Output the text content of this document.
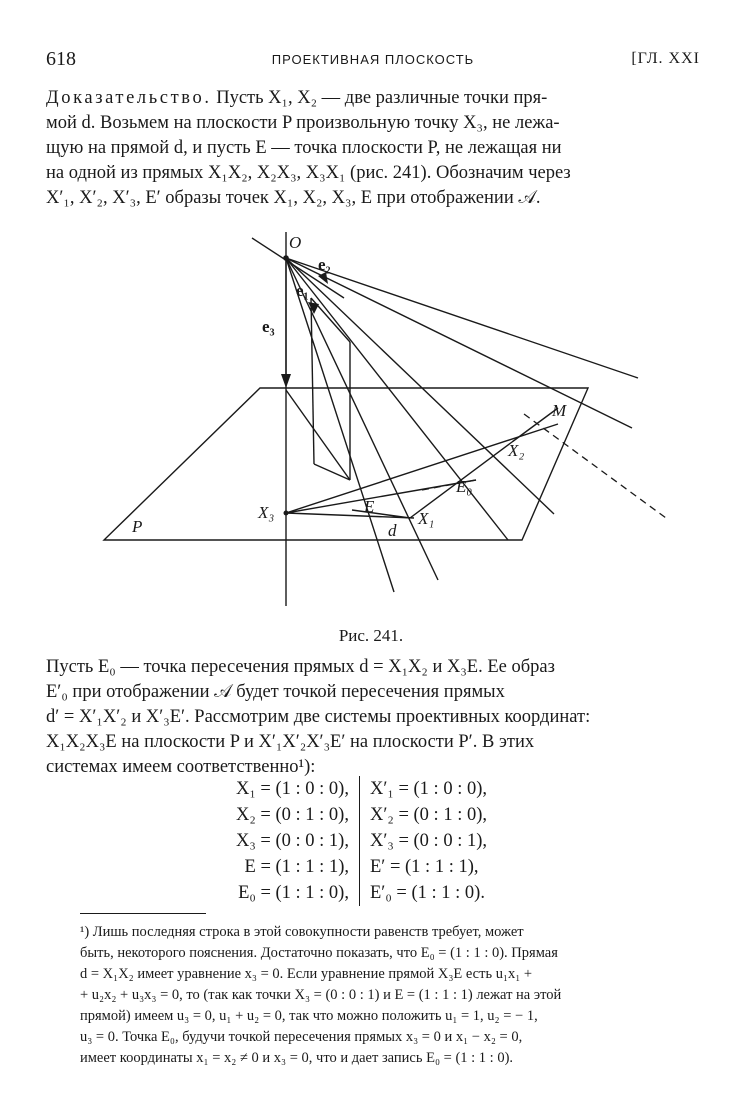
618	ПРОЕКТИВНАЯ ПЛОСКОСТЬ	[ГЛ. XXI

Доказательство. Пусть X₁, X₂ — две различные точки пря-
мой d. Возьмем на плоскости P произвольную точку X₃, не лежа-
щую на прямой d, и пусть E — точка плоскости P, не лежащая ни
на одной из прямых X₁X₂, X₂X₃, X₃X₁ (рис. 241). Обозначим через
X′₁, X′₂, X′₃, E′ образы точек X₁, X₂, X₃, E при отображении 𝒜.

O
e₂
e₁
e₃
M
X₂
E₀
E
X₁
X₃
d
P
Рис. 241.

Пусть E₀ — точка пересечения прямых d = X₁X₂ и X₃E. Ее образ
E′₀ при отображении 𝒜 будет точкой пересечения прямых
d′ = X′₁X′₂ и X′₃E′. Рассмотрим две системы проективных координат:
X₁X₂X₃E на плоскости P и X′₁X′₂X′₃E′ на плоскости P′. В этих
системах имеем соответственно¹):

X₁ = (1 : 0 : 0),	X′₁ = (1 : 0 : 0),
X₂ = (0 : 1 : 0),	X′₂ = (0 : 1 : 0),
X₃ = (0 : 0 : 1),	X′₃ = (0 : 0 : 1),
E = (1 : 1 : 1),	E′ = (1 : 1 : 1),
E₀ = (1 : 1 : 0),	E′₀ = (1 : 1 : 0).

¹) Лишь последняя строка в этой совокупности равенств требует, может
быть, некоторого пояснения. Достаточно показать, что E₀ = (1 : 1 : 0). Прямая
d = X₁X₂ имеет уравнение x₃ = 0. Если уравнение прямой X₃E есть u₁x₁ +
+ u₂x₂ + u₃x₃ = 0, то (так как точки X₃ = (0 : 0 : 1) и E = (1 : 1 : 1) лежат на этой
прямой) имеем u₃ = 0, u₁ + u₂ = 0, так что можно положить u₁ = 1, u₂ = − 1,
u₃ = 0. Точка E₀, будучи точкой пересечения прямых x₃ = 0 и x₁ − x₂ = 0,
имеет координаты x₁ = x₂ ≠ 0 и x₃ = 0, что и дает запись E₀ = (1 : 1 : 0).
